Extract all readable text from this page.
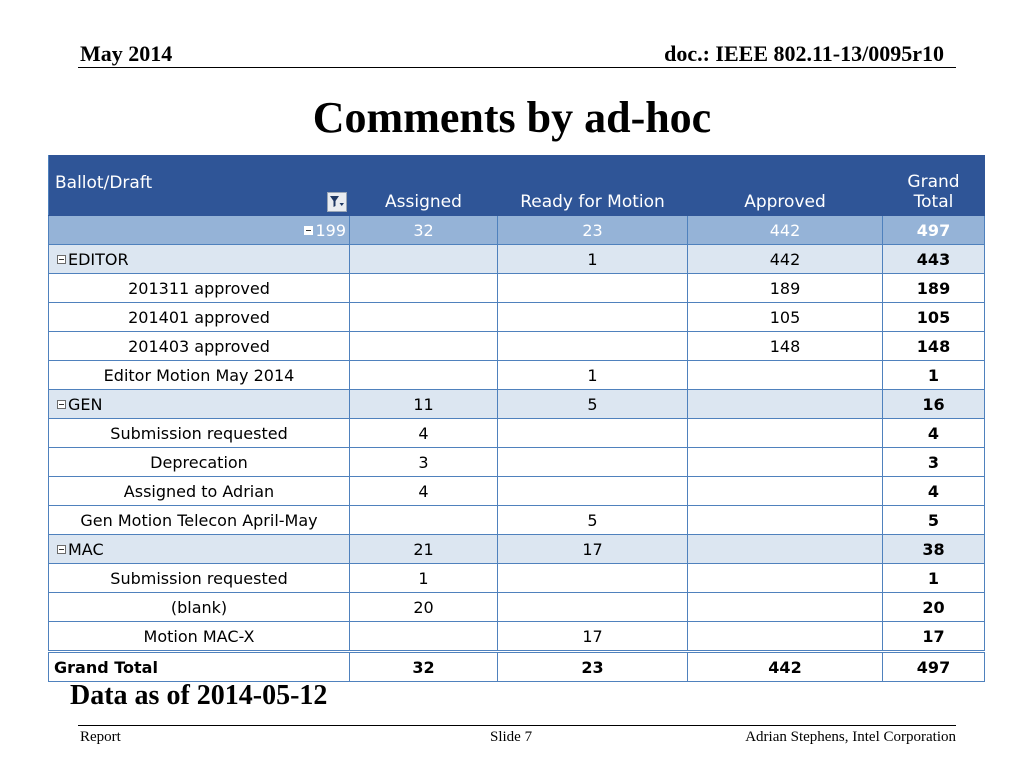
May 2014	doc.: IEEE 802.11-13/0095r10
Comments by ad-hoc
Ballot/Draft	Assigned	Ready for Motion	Approved	Grand
Total
199	32	23	442	497
EDITOR		1	442	443
201311 approved			189	189
201401 approved			105	105
201403 approved			148	148
Editor Motion May 2014		1		1
GEN	11	5		16
Submission requested	4			4
Deprecation	3			3
Assigned to Adrian	4			4
Gen Motion Telecon April-May		5		5
MAC	21	17		38
Submission requested	1			1
(blank)	20			20
Motion MAC-X		17		17
Grand Total	32	23	442	497
Data as of 2014-05-12
Report	Slide 7	Adrian Stephens, Intel Corporation
